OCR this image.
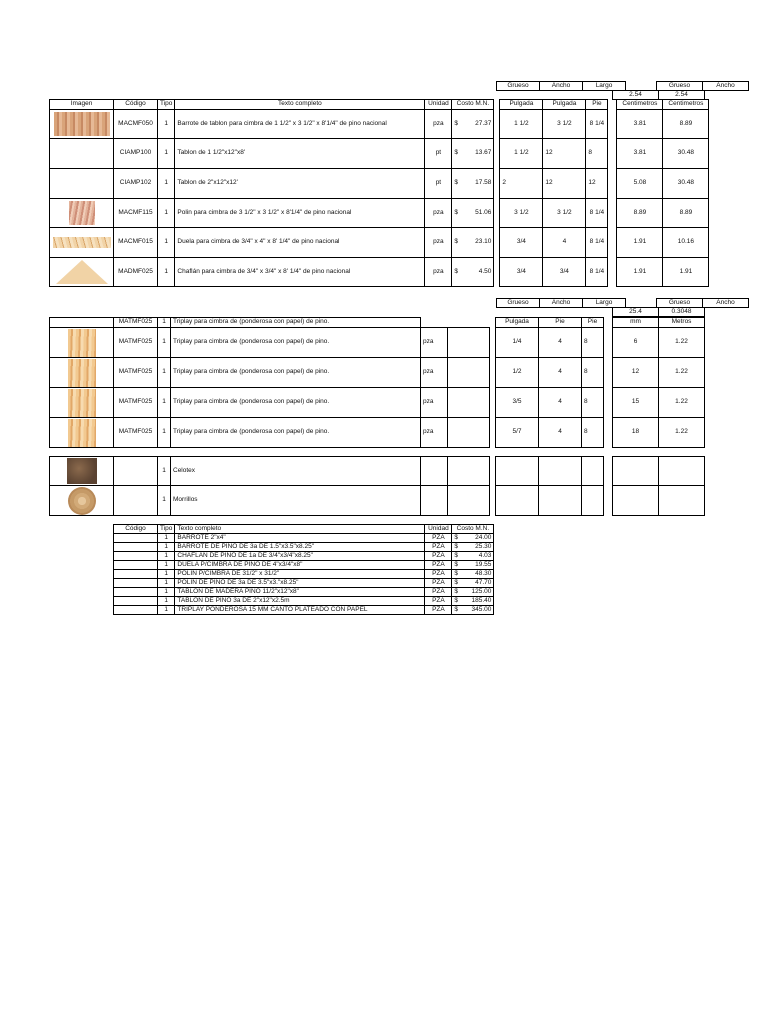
Grueso	Ancho	Largo			Grueso	Ancho
2.54	2.54
Imagen	Código	Tipo	Texto completo	Unidad	Costo M.N.		Pulgada	Pulgada	Pie		Centimetros	Centimetros

	MACMF050	1	Barrote de tablon para cimbra de 1 1/2" x 3 1/2" x 8'1/4" de pino nacional	pza	$ 27.37		1 1/2	3 1/2	8 1/4		3.81	8.89
	CIAMP100	1	Tablon de 1 1/2"x12"x8'	pt	$ 13.67		1 1/2	12	8		3.81	30.48
	CIAMP102	1	Tablon de 2"x12"x12'	pt	$ 17.58		2	12	12		5.08	30.48

	MACMF115	1	Polin para cimbra de 3 1/2" x 3 1/2" x 8'1/4" de pino nacional	pza	$ 51.06		3 1/2	3 1/2	8 1/4		8.89	8.89

	MACMF015	1	Duela para cimbra de 3/4" x 4" x 8' 1/4" de pino nacional	pza	$ 23.10		3/4	4	8 1/4		1.91	10.16

	MADMF025	1	Chaflán para cimbra de 3/4" x 3/4" x 8' 1/4" de pino nacional	pza	$ 4.50		3/4	3/4	8 1/4		1.91	1.91
Grueso	Ancho	Largo			Grueso	Ancho
25.4	0.3048
	MATMF025	1	Triplay para cimbra de (ponderosa con papel) de pino.				Pulgada	Pie	Pie		mm	Metros

	MATMF025	1	Triplay para cimbra de (ponderosa con papel) de pino.	pza			1/4	4	8		6	1.22

	MATMF025	1	Triplay para cimbra de (ponderosa con papel) de pino.	pza			1/2	4	8		12	1.22

	MATMF025	1	Triplay para cimbra de (ponderosa con papel) de pino.	pza			3/5	4	8		15	1.22

	MATMF025	1	Triplay para cimbra de (ponderosa con papel) de pino.	pza			5/7	4	8		18	1.22
		1	Celotex									

		1	Morrillos									
Código	Tipo	Texto completo	Unidad	Costo M.N.
	1	BARROTE 2"x4"	PZA	$ 24.00

	1	BARROTE DE PINO DE 3a DE 1.5"x3.5"x8.25"	PZA	$ 25.30

	1	CHAFLAN DE PINO DE 1a DE 3/4"x3/4"x8.25"	PZA	$ 4.03

	1	DUELA P/CIMBRA DE PINO DE 4"x3/4"x8"	PZA	$ 19.55

	1	POLIN P/CIMBRA DE 31/2" x 31/2"	PZA	$ 48.30

	1	POLIN DE PINO DE 3a DE 3.5"x3."x8.25"	PZA	$ 47.70

	1	TABLON DE MADERA PINO 11/2"x12"x8"	PZA	$ 125.00

	1	TABLON DE PINO 3a DE 2"x12"x2.5m	PZA	$ 185.40

	1	TRIPLAY PONDEROSA 15 MM CANTO PLATEADO CON PAPEL	PZA	$ 345.00
